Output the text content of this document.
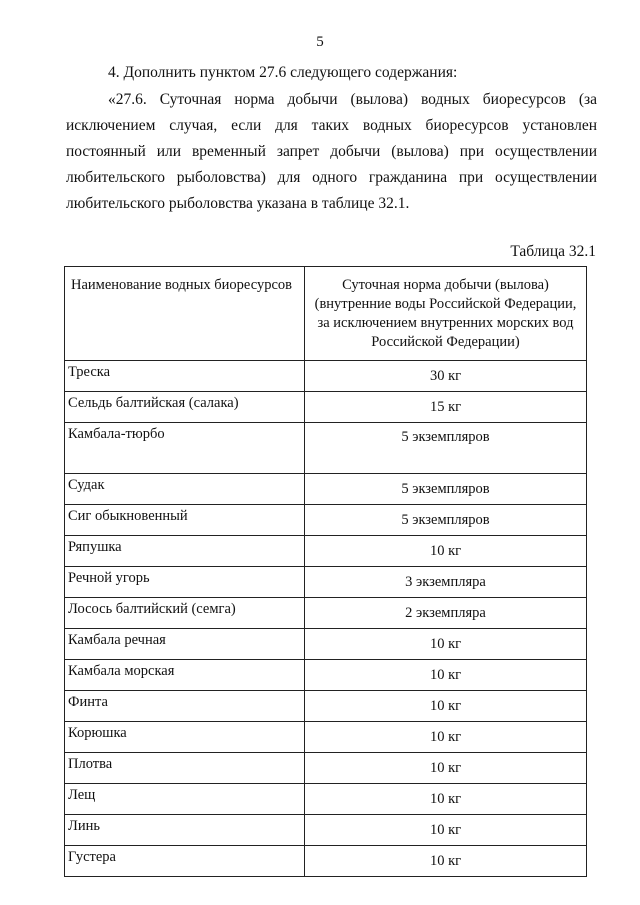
5

4. Дополнить пунктом 27.6 следующего содержания:

«27.6. Суточная норма добычи (вылова) водных биоресурсов (за исключением случая, если для таких водных биоресурсов установлен постоянный или временный запрет добычи (вылова) при осуществлении любительского рыболовства) для одного гражданина при осуществлении любительского рыболовства указана в таблице 32.1.

Таблица 32.1
Наименование водных биоресурсов	Суточная норма добычи (вылова) (внутренние воды Российской Федерации, за исключением внутренних морских вод Российской Федерации)
Треска	30 кг
Сельдь балтийская (салака)	15 кг
Камбала-тюрбо	5 экземпляров
Судак	5 экземпляров
Сиг обыкновенный	5 экземпляров
Ряпушка	10 кг
Речной угорь	3 экземпляра
Лосось балтийский (семга)	2 экземпляра
Камбала речная	10 кг
Камбала морская	10 кг
Финта	10 кг
Корюшка	10 кг
Плотва	10 кг
Лещ	10 кг
Линь	10 кг
Густера	10 кг
